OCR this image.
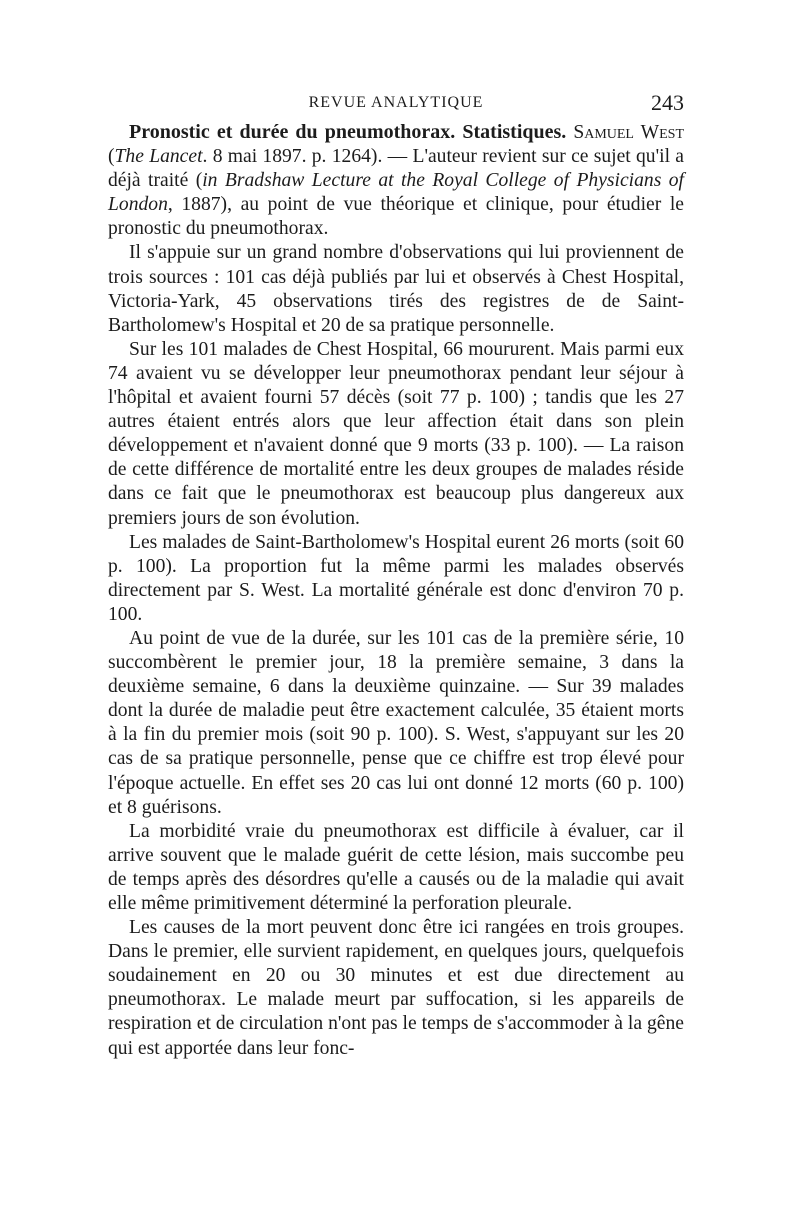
REVUE ANALYTIQUE	243

Pronostic et durée du pneumothorax. Statistiques. Samuel West (The Lancet. 8 mai 1897. p. 1264). — L'auteur revient sur ce sujet qu'il a déjà traité (in Bradshaw Lecture at the Royal College of Physicians of London, 1887), au point de vue théorique et clinique, pour étudier le pronostic du pneumothorax.

Il s'appuie sur un grand nombre d'observations qui lui proviennent de trois sources : 101 cas déjà publiés par lui et observés à Chest Hospital, Victoria-Yark, 45 observations tirés des registres de de Saint-Bartholomew's Hospital et 20 de sa pratique personnelle.

Sur les 101 malades de Chest Hospital, 66 moururent. Mais parmi eux 74 avaient vu se développer leur pneumothorax pendant leur séjour à l'hôpital et avaient fourni 57 décès (soit 77 p. 100) ; tandis que les 27 autres étaient entrés alors que leur affection était dans son plein développement et n'avaient donné que 9 morts (33 p. 100). — La raison de cette différence de mortalité entre les deux groupes de malades réside dans ce fait que le pneumothorax est beaucoup plus dangereux aux premiers jours de son évolution.

Les malades de Saint-Bartholomew's Hospital eurent 26 morts (soit 60 p. 100). La proportion fut la même parmi les malades observés directement par S. West. La mortalité générale est donc d'environ 70 p. 100.

Au point de vue de la durée, sur les 101 cas de la première série, 10 succombèrent le premier jour, 18 la première semaine, 3 dans la deuxième semaine, 6 dans la deuxième quinzaine. — Sur 39 malades dont la durée de maladie peut être exactement calculée, 35 étaient morts à la fin du premier mois (soit 90 p. 100). S. West, s'appuyant sur les 20 cas de sa pratique personnelle, pense que ce chiffre est trop élevé pour l'époque actuelle. En effet ses 20 cas lui ont donné 12 morts (60 p. 100) et 8 guérisons.

La morbidité vraie du pneumothorax est difficile à évaluer, car il arrive souvent que le malade guérit de cette lésion, mais succombe peu de temps après des désordres qu'elle a causés ou de la maladie qui avait elle même primitivement déterminé la perforation pleurale.

Les causes de la mort peuvent donc être ici rangées en trois groupes. Dans le premier, elle survient rapidement, en quelques jours, quelquefois soudainement en 20 ou 30 minutes et est due directement au pneumothorax. Le malade meurt par suffocation, si les appareils de respiration et de circulation n'ont pas le temps de s'accommoder à la gêne qui est apportée dans leur fonc-
